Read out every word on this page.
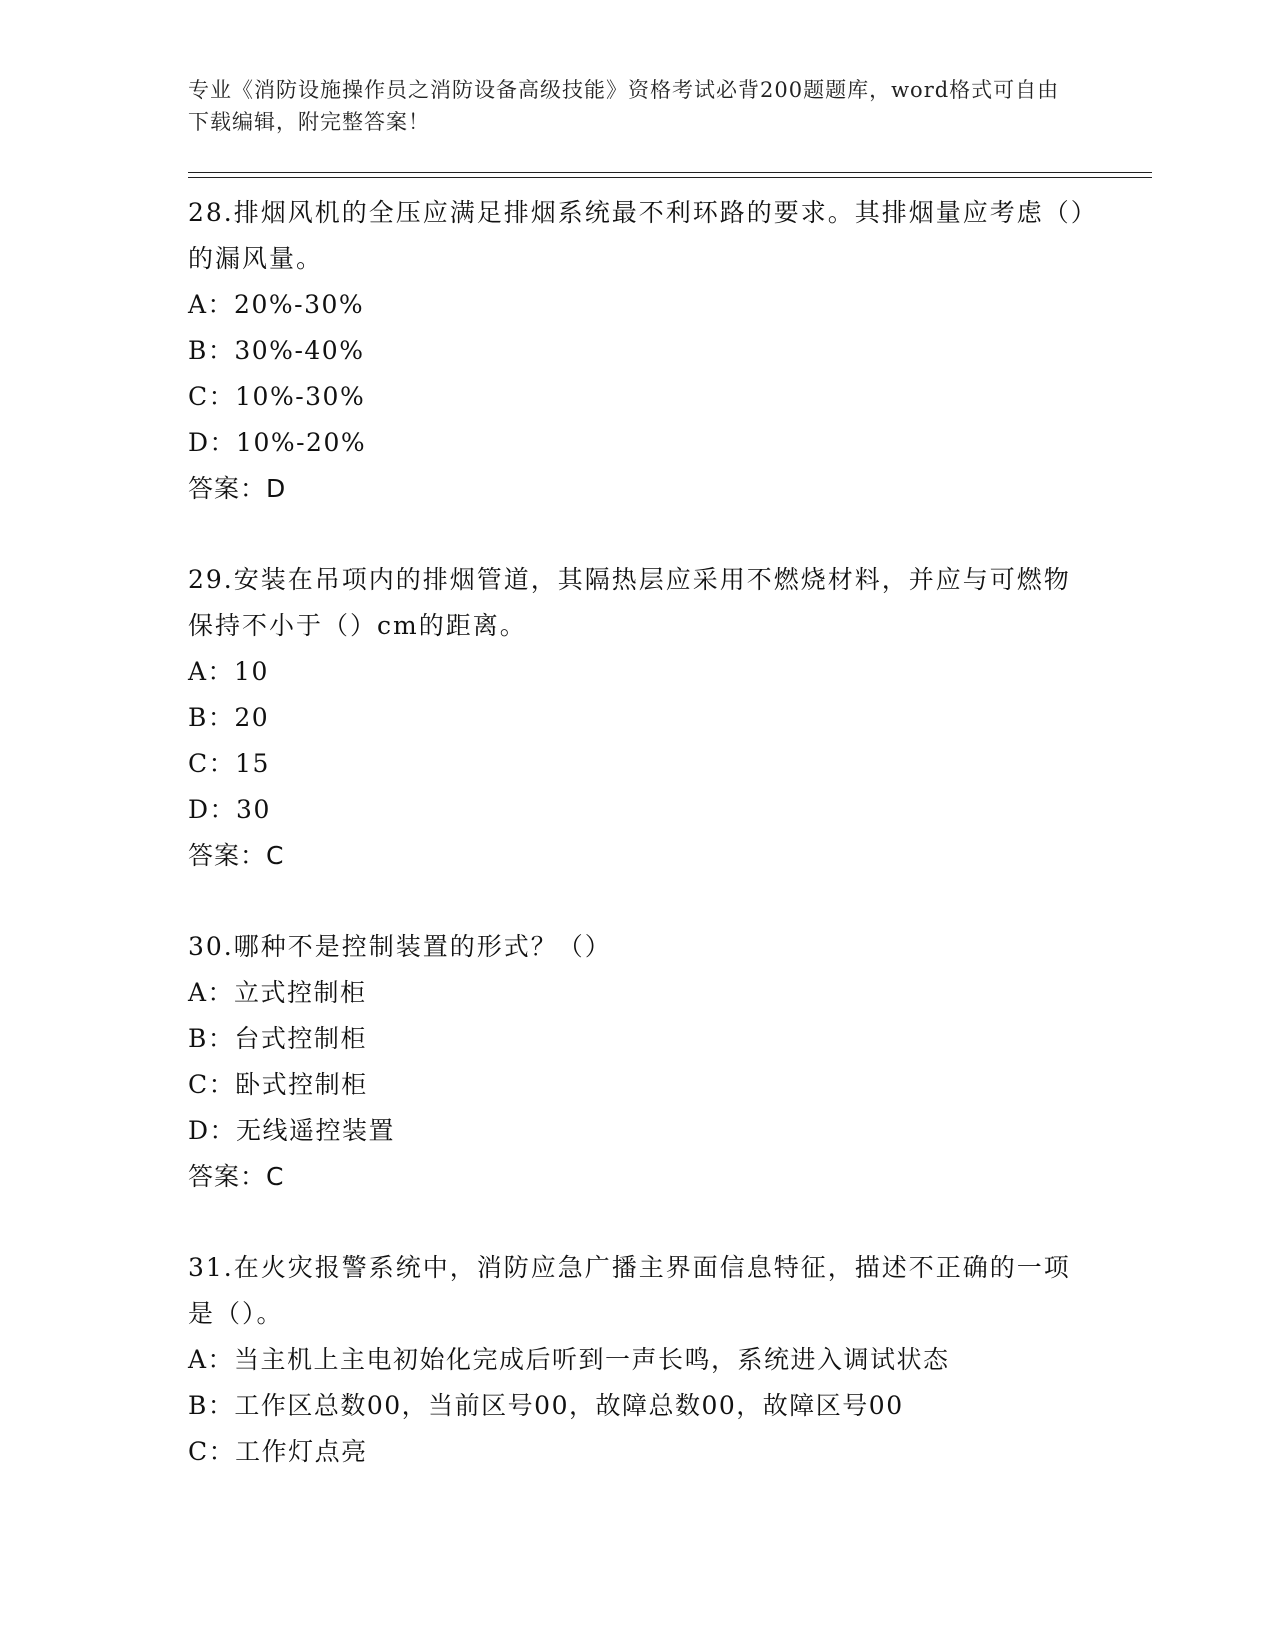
专业《消防设施操作员之消防设备高级技能》资格考试必背200题题库，word格式可自由下载编辑，附完整答案！

28.排烟风机的全压应满足排烟系统最不利环路的要求。其排烟量应考虑（）的漏风量。

A：20%-30%

B：30%-40%

C：10%-30%

D：10%-20%

答案：D

29.安装在吊项内的排烟管道，其隔热层应采用不燃烧材料，并应与可燃物保持不小于（）cm的距离。

A：10

B：20

C：15

D：30

答案：C

30.哪种不是控制装置的形式？（）

A：立式控制柜

B：台式控制柜

C：卧式控制柜

D：无线遥控装置

答案：C

31.在火灾报警系统中，消防应急广播主界面信息特征，描述不正确的一项是（）。

A：当主机上主电初始化完成后听到一声长鸣，系统进入调试状态

B：工作区总数00，当前区号00，故障总数00，故障区号00

C：工作灯点亮
